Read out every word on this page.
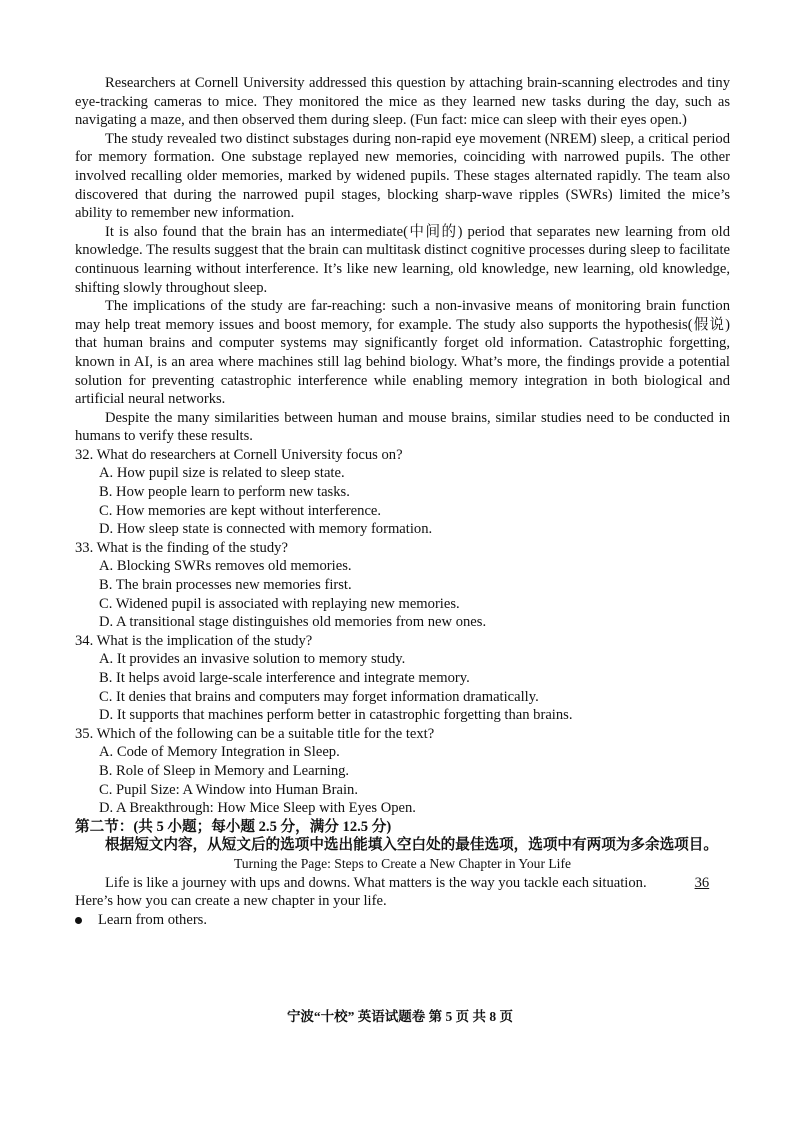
Researchers at Cornell University addressed this question by attaching brain-scanning electrodes and tiny eye-tracking cameras to mice. They monitored the mice as they learned new tasks during the day, such as navigating a maze, and then observed them during sleep. (Fun fact: mice can sleep with their eyes open.)

The study revealed two distinct substages during non-rapid eye movement (NREM) sleep, a critical period for memory formation. One substage replayed new memories, coinciding with narrowed pupils. The other involved recalling older memories, marked by widened pupils. These stages alternated rapidly. The team also discovered that during the narrowed pupil stages, blocking sharp-wave ripples (SWRs) limited the mice’s ability to remember new information.

It is also found that the brain has an intermediate(中间的) period that separates new learning from old knowledge. The results suggest that the brain can multitask distinct cognitive processes during sleep to facilitate continuous learning without interference. It’s like new learning, old knowledge, new learning, old knowledge, shifting slowly throughout sleep.

The implications of the study are far-reaching: such a non-invasive means of monitoring brain function may help treat memory issues and boost memory, for example. The study also supports the hypothesis(假说) that human brains and computer systems may significantly forget old information. Catastrophic forgetting, known in AI, is an area where machines still lag behind biology. What’s more, the findings provide a potential solution for preventing catastrophic interference while enabling memory integration in both biological and artificial neural networks.

Despite the many similarities between human and mouse brains, similar studies need to be conducted in humans to verify these results.

32. What do researchers at Cornell University focus on?

A. How pupil size is related to sleep state.

B. How people learn to perform new tasks.

C. How memories are kept without interference.

D. How sleep state is connected with memory formation.

33. What is the finding of the study?

A. Blocking SWRs removes old memories.

B. The brain processes new memories first.

C. Widened pupil is associated with replaying new memories.

D. A transitional stage distinguishes old memories from new ones.

34. What is the implication of the study?

A. It provides an invasive solution to memory study.

B. It helps avoid large-scale interference and integrate memory.

C. It denies that brains and computers may forget information dramatically.

D. It supports that machines perform better in catastrophic forgetting than brains.

35. Which of the following can be a suitable title for the text?

A. Code of Memory Integration in Sleep.

B. Role of Sleep in Memory and Learning.

C. Pupil Size: A Window into Human Brain.

D. A Breakthrough: How Mice Sleep with Eyes Open.

第二节：(共 5 小题；每小题 2.5 分，满分 12.5 分)

根据短文内容，从短文后的选项中选出能填入空白处的最佳选项，选项中有两项为多余选项目。

Turning the Page: Steps to Create a New Chapter in Your Life

Life is like a journey with ups and downs. What matters is the way you tackle each situation.	36

Here’s how you can create a new chapter in your life.

Learn from others.

宁波“十校” 英语试题卷 第 5 页 共 8 页
